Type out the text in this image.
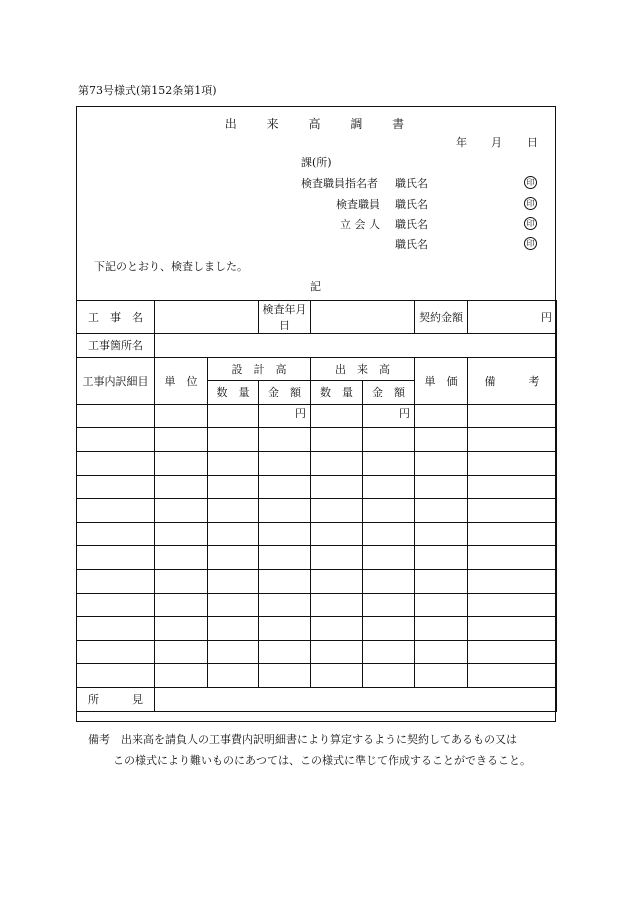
第73号様式(第152条第1項)
出 来 高 調 書
年 月 日
課(所)
検査職員指名者 職氏名	印
検査職員 職氏名	印
立 会 人 職氏名	印
職氏名	印
下記のとおり、検査しました。
記
工　事　名			検査年月日			契約金額	円
工事箇所名							
工事内訳細目	単　位	設　計　高		出　来　高		単　価	備　　　考
		数　量	金　額	数　量	金　額		
			円		円		

所　　　見							
備考　出来高を請負人の工事費内訳明細書により算定するように契約してあるもの又は
この様式により難いものにあつては、この様式に準じて作成することができること。
